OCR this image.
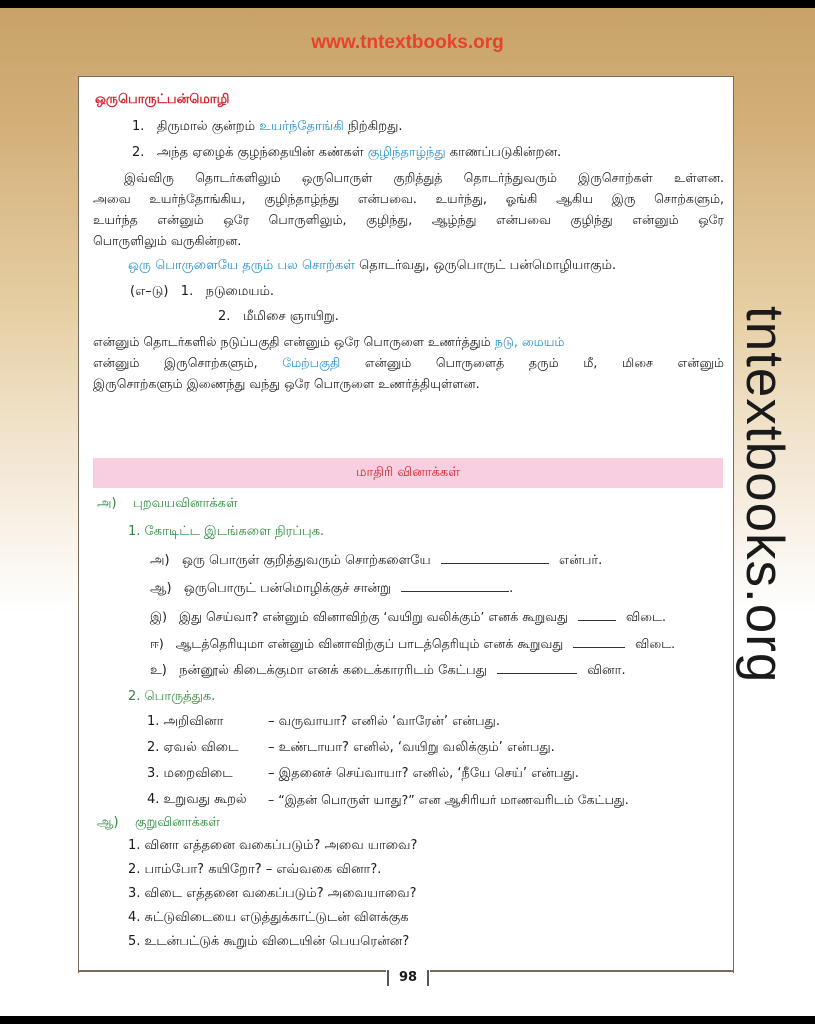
www.tntextbooks.org
tntextbooks.org
ஒருபொருட்பன்மொழி
1. திருமால் குன்றம் உயர்ந்தோங்கி நிற்கிறது.
2. அந்த ஏழைக் குழந்தையின் கண்கள் குழிந்தாழ்ந்து காணப்படுகின்றன.
இவ்விரு தொடர்களிலும் ஒருபொருள் குறித்துத் தொடர்ந்துவரும் இருசொற்கள் உள்ளன.
அவை உயர்ந்தோங்கிய, குழிந்தாழ்ந்து என்பவை. உயர்ந்து, ஓங்கி ஆகிய இரு சொற்களும்,
உயர்ந்த என்னும் ஒரே பொருளிலும், குழிந்து, ஆழ்ந்து என்பவை குழிந்து என்னும் ஒரே
பொருளிலும் வருகின்றன.
ஒரு பொருளையே தரும் பல சொற்கள் தொடர்வது, ஒருபொருட் பன்மொழியாகும்.
(எ–டு) 1. நடுமையம்.
2. மீமிசை ஞாயிறு.
என்னும் தொடர்களில் நடுப்பகுதி என்னும் ஒரே பொருளை உணர்த்தும் நடு, மையம்
என்னும் இருசொற்களும், மேற்பகுதி என்னும் பொருளைத் தரும் மீ, மிசை என்னும்
இருசொற்களும் இணைந்து வந்து ஒரே பொருளை உணர்த்தியுள்ளன.
மாதிரி வினாக்கள்
அ) புறவயவினாக்கள்
1. கோடிட்ட இடங்களை நிரப்புக.
அ) ஒரு பொருள் குறித்துவரும் சொற்களையே	என்பர்.
ஆ) ஒருபொருட் பன்மொழிக்குச் சான்று	.
இ) இது செய்வா? என்னும் வினாவிற்கு ‘வயிறு வலிக்கும்’ எனக் கூறுவது	விடை.
ஈ) ஆடத்தெரியுமா என்னும் வினாவிற்குப் பாடத்தெரியும் எனக் கூறுவது	விடை.
உ) நன்னூல் கிடைக்குமா எனக் கடைக்காரரிடம் கேட்பது	வினா.
2. பொருத்துக.
1. அறிவினா	– வருவாயா? எனில் ‘வாரேன்’ என்பது.
2. ஏவல் விடை – உண்டாயா? எனில், ‘வயிறு வலிக்கும்’ என்பது.
3. மறைவிடை	– இதனைச் செய்வாயா? எனில், ‘நீயே செய்’ என்பது.
4. உறுவது கூறல் – “இதன் பொருள் யாது?” என ஆசிரியர் மாணவரிடம் கேட்பது.
ஆ) குறுவினாக்கள்
1. வினா எத்தனை வகைப்படும்? அவை யாவை?
2. பாம்போ? கயிறோ? – எவ்வகை வினா?.
3. விடை எத்தனை வகைப்படும்? அவையாவை?
4. சுட்டுவிடையை எடுத்துக்காட்டுடன் விளக்குக
5. உடன்பட்டுக் கூறும் விடையின் பெயரென்ன?
98
